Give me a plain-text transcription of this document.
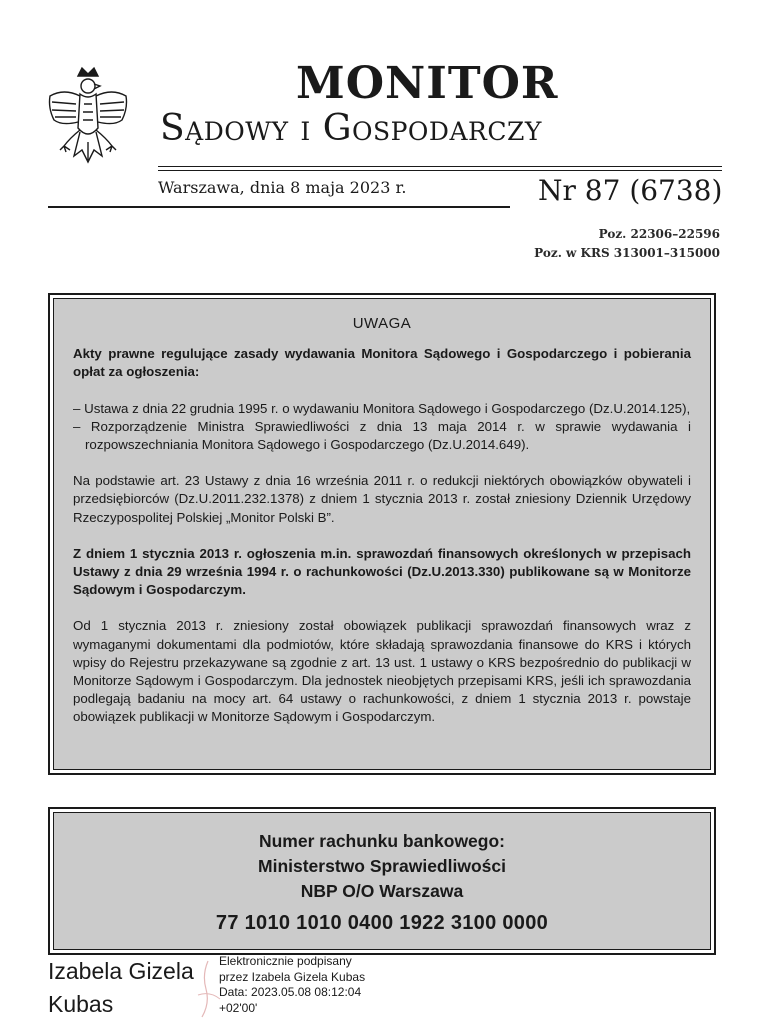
MONITOR
Sądowy i Gospodarczy
Warszawa, dnia 8 maja 2023 r.	Nr 87 (6738)
Poz. 22306–22596
Poz. w KRS 313001–315000
UWAGA

Akty prawne regulujące zasady wydawania Monitora Sądowego i Gospodarczego i pobierania opłat za ogłoszenia:

– Ustawa z dnia 22 grudnia 1995 r. o wydawaniu Monitora Sądowego i Gospodarczego (Dz.U.2014.125),

– Rozporządzenie Ministra Sprawiedliwości z dnia 13 maja 2014 r. w sprawie wydawania i rozpowszechniania Monitora Sądowego i Gospodarczego (Dz.U.2014.649).

Na podstawie art. 23 Ustawy z dnia 16 września 2011 r. o redukcji niektórych obowiązków obywateli i przedsiębiorców (Dz.U.2011.232.1378) z dniem 1 stycznia 2013 r. został zniesiony Dziennik Urzędowy Rzeczypospolitej Polskiej „Monitor Polski B”.

Z dniem 1 stycznia 2013 r. ogłoszenia m.in. sprawozdań finansowych określonych w przepisach Ustawy z dnia 29 września 1994 r. o rachunkowości (Dz.U.2013.330) publikowane są w Monitorze Sądowym i Gospodarczym.

Od 1 stycznia 2013 r. zniesiony został obowiązek publikacji sprawozdań finansowych wraz z wymaganymi dokumentami dla podmiotów, które składają sprawozdania finansowe do KRS i których wpisy do Rejestru przekazywane są zgodnie z art. 13 ust. 1 ustawy o KRS bezpośrednio do publikacji w Monitorze Sądowym i Gospodarczym. Dla jednostek nieobjętych przepisami KRS, jeśli ich sprawozdania podlegają badaniu na mocy art. 64 ustawy o rachunkowości, z dniem 1 stycznia 2013 r. powstaje obowiązek publikacji w Monitorze Sądowym i Gospodarczym.

Numer rachunku bankowego:
Ministerstwo Sprawiedliwości
NBP O/O Warszawa
77 1010 1010 0400 1922 3100 0000
Izabela Gizela
Kubas
Elektronicznie podpisany
przez Izabela Gizela Kubas
Data: 2023.05.08 08:12:04
+02'00'
